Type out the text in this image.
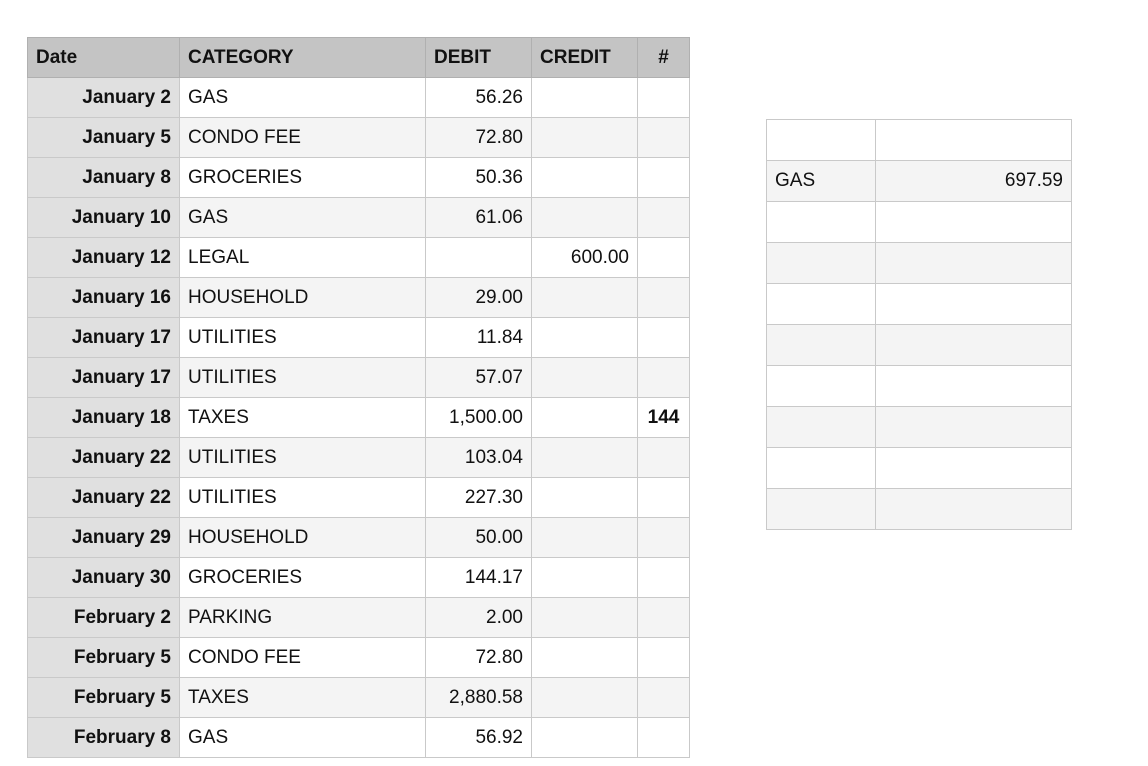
Date	CATEGORY	DEBIT	CREDIT	#
January 2	GAS	56.26		
January 5	CONDO FEE	72.80		
January 8	GROCERIES	50.36		
January 10	GAS	61.06		
January 12	LEGAL		600.00	
January 16	HOUSEHOLD	29.00		
January 17	UTILITIES	11.84		
January 17	UTILITIES	57.07		
January 18	TAXES	1,500.00		144
January 22	UTILITIES	103.04		
January 22	UTILITIES	227.30		
January 29	HOUSEHOLD	50.00		
January 30	GROCERIES	144.17		
February 2	PARKING	2.00		
February 5	CONDO FEE	72.80		
February 5	TAXES	2,880.58		
February 8	GAS	56.92		

GAS	697.59
